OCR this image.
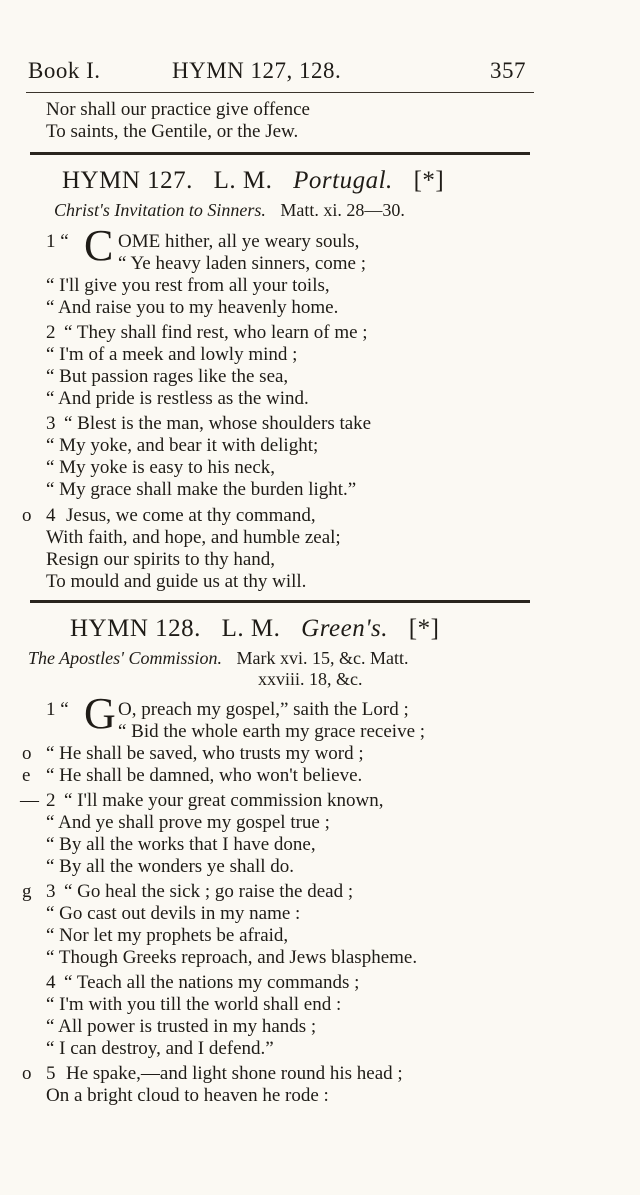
Book I.	HYMN 127, 128.	357
Nor shall our practice give offence
To saints, the Gentile, or the Jew.
HYMN 127. L. M. Portugal. [*]
Christ's Invitation to Sinners. Matt. xi. 28—30.
1 “ C OME hither, all ye weary souls,
“ Ye heavy laden sinners, come ;
“ I'll give you rest from all your toils,
“ And raise you to my heavenly home.
2 “ They shall find rest, who learn of me ;
“ I'm of a meek and lowly mind ;
“ But passion rages like the sea,
“ And pride is restless as the wind.
3 “ Blest is the man, whose shoulders take
“ My yoke, and bear it with delight;
“ My yoke is easy to his neck,
“ My grace shall make the burden light.”
o 4 Jesus, we come at thy command,
With faith, and hope, and humble zeal;
Resign our spirits to thy hand,
To mould and guide us at thy will.
HYMN 128. L. M. Green's. [*]
The Apostles' Commission. Mark xvi. 15, &c. Matt.
xxviii. 18, &c.
1 “ G O, preach my gospel,” saith the Lord ;
“ Bid the whole earth my grace receive ;
o “ He shall be saved, who trusts my word ;
e “ He shall be damned, who won't believe.
— 2 “ I'll make your great commission known,
“ And ye shall prove my gospel true ;
“ By all the works that I have done,
“ By all the wonders ye shall do.
g 3 “ Go heal the sick ; go raise the dead ;
“ Go cast out devils in my name :
“ Nor let my prophets be afraid,
“ Though Greeks reproach, and Jews blaspheme.
4 “ Teach all the nations my commands ;
“ I'm with you till the world shall end :
“ All power is trusted in my hands ;
“ I can destroy, and I defend.”
o 5 He spake,—and light shone round his head ;
On a bright cloud to heaven he rode :
